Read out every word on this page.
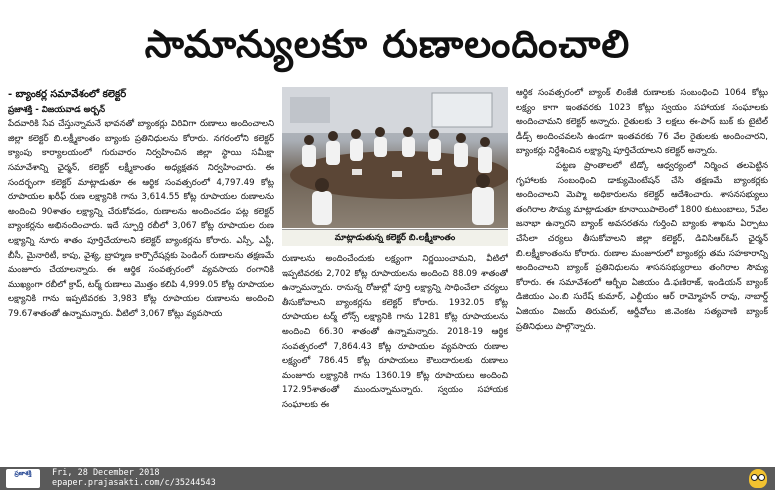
సామాన్యులకూ రుణాలందించాలి

- బ్యాంకర్ల సమావేశంలో కలెక్టర్

ప్రజాశక్తి - విజయవాడ అర్బన్

పేదవారికి సేవ చేస్తున్నామనే భావనతో బ్యాంకర్లు విరివిగా రుణాలు అందించాలని జిల్లా కలెక్టర్ బి.లక్ష్మీకాంతం బ్యాంకు ప్రతినిధులను కోరారు. నగరంలోని కలెక్టర్ క్యాంపు కార్యాలయంలో గురువారం నిర్వహించిన జిల్లా స్థాయి సమీక్షా సమావేశాన్ని ఛైర్మన్, కలెక్టర్ లక్ష్మీకాంతం అధ్యక్షతన నిర్వహించారు. ఈ సందర్భంగా కలెక్టర్ మాట్లాడుతూ ఈ ఆర్థిక సంవత్సరంలో 4,797.49 కోట్ల రూపాయల ఖరీఫ్ రుణ లక్ష్యానికి గాను 3,614.55 కోట్ల రూపాయల రుణాలను అందించి 90శాతం లక్ష్యాన్ని చేరుకోవడం, రుణాలను అందించడం పట్ల కలెక్టర్ బ్యాంకర్లను అభినందించారు. ఇదే స్ఫూర్తి రబీలో 3,067 కోట్ల రూపాయల రుణ లక్ష్యాన్ని నూరు శాతం పూర్తిచేయాలని కలెక్టర్ బ్యాంకర్లను కోరారు. ఎస్సీ, ఎస్టీ, బీసీ, మైనారిటీ, కాపు, వైశ్య, బ్రాహ్మణ కార్పొరేషన్లకు పెండింగ్ రుణాలను తక్షణమే మంజూరు చేయాలన్నారు. ఈ ఆర్థిక సంవత్సరంలో వ్యవసాయ రంగానికి ముఖ్యంగా రబీలో క్రాప్, టర్మ్ రుణాలు మొత్తం కలిపి 4,999.05 కోట్ల రూపాయల లక్ష్యానికి గాను ఇప్పటివరకు 3,983 కోట్ల రూపాయల రుణాలను అందించి 79.67శాతంతో ఉన్నామన్నారు. వీటిలో 3,067 కోట్లు వ్యవసాయ

మాట్లాడుతున్న కలెక్టర్ బి.లక్ష్మీకాంతం

రుణాలను అందించేందుకు లక్ష్యంగా నిర్ణయించామని, వీటిలో ఇప్పటివరకు 2,702 కోట్ల రూపాయలను అందించి 88.09 శాతంతో ఉన్నామన్నారు. రానున్న రోజుల్లో పూర్తి లక్ష్యాన్ని సాధించేలా చర్యలు తీసుకోవాలని బ్యాంకర్లను కలెక్టర్ కోరారు. 1932.05 కోట్ల రూపాయల టర్మ్ లోన్స్ లక్ష్యానికి గాను 1281 కోట్ల రూపాయలను అందించి 66.30 శాతంతో ఉన్నామన్నారు. 2018-19 ఆర్థిక సంవత్సరంలో 7,864.43 కోట్ల రూపాయల వ్యవసాయ రుణాల లక్ష్యంలో 786.45 కోట్ల రూపాయలు కౌలుదారులకు రుణాలు మంజూరు లక్ష్యానికి గాను 1360.19 కోట్ల రూపాయలు అందించి 172.95శాతంతో ముందున్నామన్నారు. స్వయం సహాయక సంఘాలకు ఈ

ఆర్థిక సంవత్సరంలో బ్యాంక్ లింకేజీ రుణాలకు సంబంధించి 1064 కోట్లు లక్ష్యం కాగా ఇంతవరకు 1023 కోట్లు స్వయం సహాయక సంఘాలకు అందించామని కలెక్టర్ అన్నారు. రైతులకు 3 లక్షలు ఈ-పాస్ బుక్ కు టైటిల్ డీడ్స్ అందించవలసి ఉండగా ఇంతవరకు 76 వేల రైతులకు అందించారని, బ్యాంకర్లు నిర్దేశించిన లక్ష్యాన్ని పూర్తిచేయాలని కలెక్టర్ అన్నారు.

పట్టణ ప్రాంతాలలో టిడ్కో ఆధ్వర్యంలో నిర్మించ తలపెట్టిన గృహాలకు సంబంధించి డాక్యుమెంటేషన్ చేసి తక్షణమే బ్యాంకర్లకు అందించాలని మెప్మా అధికారులను కలెక్టర్ ఆదేశించారు. శాసనసభ్యులు తంగిరాల సౌమ్య మాట్లాడుతూ కూనాయిపాలెంలో 1800 కుటుంబాలు, 5వేల జనాభా ఉన్నారని బ్యాంక్ అవసరతను గుర్తించి బ్యాంకు శాఖను ఏర్పాటు చేసేలా చర్యలు తీసుకోవాలని జిల్లా కలెక్టర్, డివిసిఆర్ఓస్ ఛైర్మన్ బి.లక్ష్మీకాంతంను కోరారు. రుణాల మంజూరులో బ్యాంకర్లు తమ సహకారాన్ని అందించాలని బ్యాంక్ ప్రతినిధులను శాసనసభ్యురాలు తంగిరాల సౌమ్య కోరారు. ఈ సమావేశంలో ఆర్బీఐ ఏజియం డి.ఫణిరాజ్, ఇండియన్ బ్యాంక్ డిజియం ఎం.బి సురేష్ కుమార్, ఎల్డీయం ఆర్ రామ్మోహన్ రావు, నాబార్డ్ ఏజియం విజయ్ తిరుమల్, ఆర్డీవోలు జి.వెంకట సత్యవాణి బ్యాంక్ ప్రతినిధులు పాల్గొన్నారు.

ప్రజాశక్తి	Fri, 28 December 2018
epaper.prajasakti.com/c/35244543
